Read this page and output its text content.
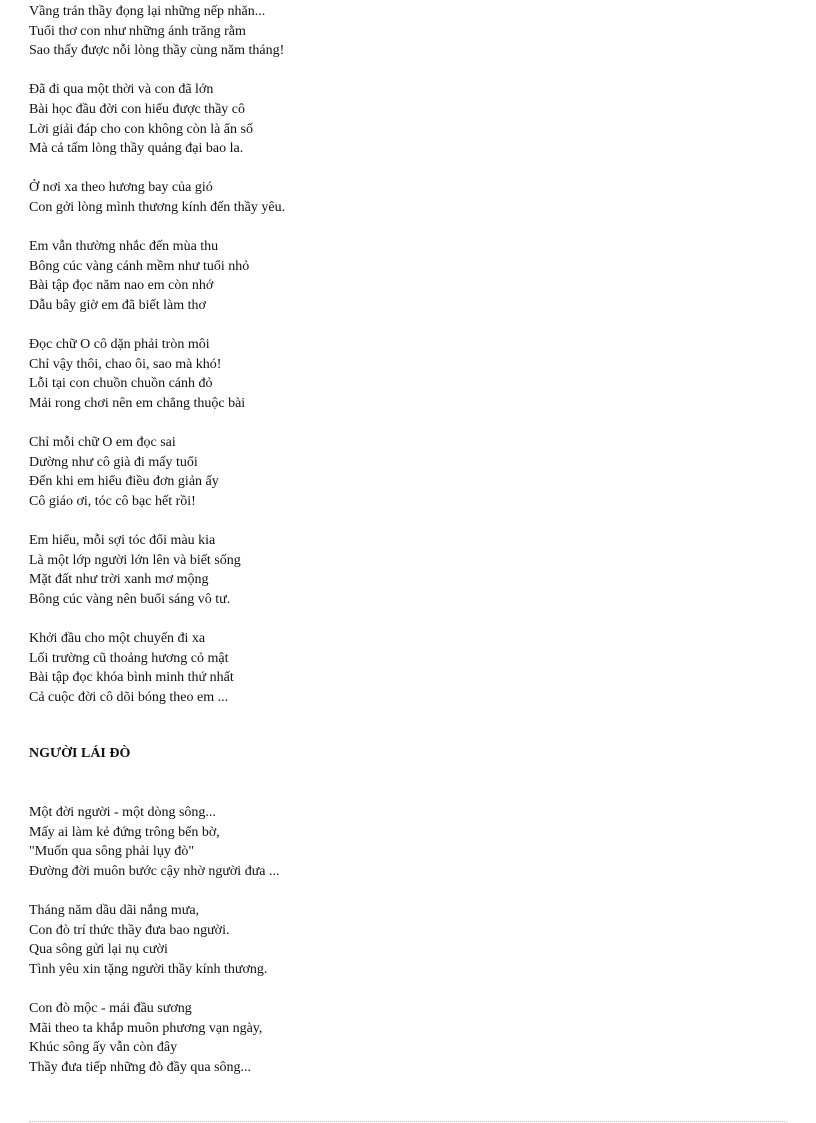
Vầng trán thầy đọng lại những nếp nhăn...
Tuổi thơ con như những ánh trăng rằm
Sao thấy được nỗi lòng thầy cùng năm tháng!
Đã đi qua một thời và con đã lớn
Bài học đầu đời con hiểu được thầy cô
Lời giải đáp cho con không còn là ẩn số
Mà cả tấm lòng thầy quảng đại bao la.
Ở nơi xa theo hương bay của gió
Con gởi lòng mình thương kính đến thầy yêu.
Em vẫn thường nhắc đến mùa thu
Bông cúc vàng cánh mềm như tuổi nhỏ
Bài tập đọc năm nao em còn nhớ
Dẫu bây giờ em đã biết làm thơ
Đọc chữ O cô dặn phải tròn môi
Chỉ vậy thôi, chao ôi, sao mà khó!
Lỗi tại con chuồn chuồn cánh đỏ
Mải rong chơi nên em chẳng thuộc bài
Chỉ mỗi chữ O em đọc sai
Dường như cô già đi mấy tuổi
Đến khi em hiểu điều đơn giản ấy
Cô giáo ơi, tóc cô bạc hết rồi!
Em hiểu, mỗi sợi tóc đổi màu kia
Là một lớp người lớn lên và biết sống
Mặt đất như trời xanh mơ mộng
Bông cúc vàng nên buổi sáng vô tư.
Khởi đầu cho một chuyến đi xa
Lối trường cũ thoảng hương cỏ mật
Bài tập đọc khóa bình minh thứ nhất
Cả cuộc đời cô dõi bóng theo em ...
NGƯỜI LÁI ĐÒ
Một đời người - một dòng sông...
Mấy ai làm kẻ đứng trông bến bờ,
"Muốn qua sông phải lụy đò"
Đường đời muôn bước cậy nhờ người đưa ...
Tháng năm dầu dãi nắng mưa,
Con đò trí thức thầy đưa bao người.
Qua sông gửi lại nụ cười
Tình yêu xin tặng người thầy kính thương.
Con đò mộc - mái đầu sương
Mãi theo ta khắp muôn phương vạn ngày,
Khúc sông ấy vẫn còn đây
Thầy đưa tiếp những đò đầy qua sông...
